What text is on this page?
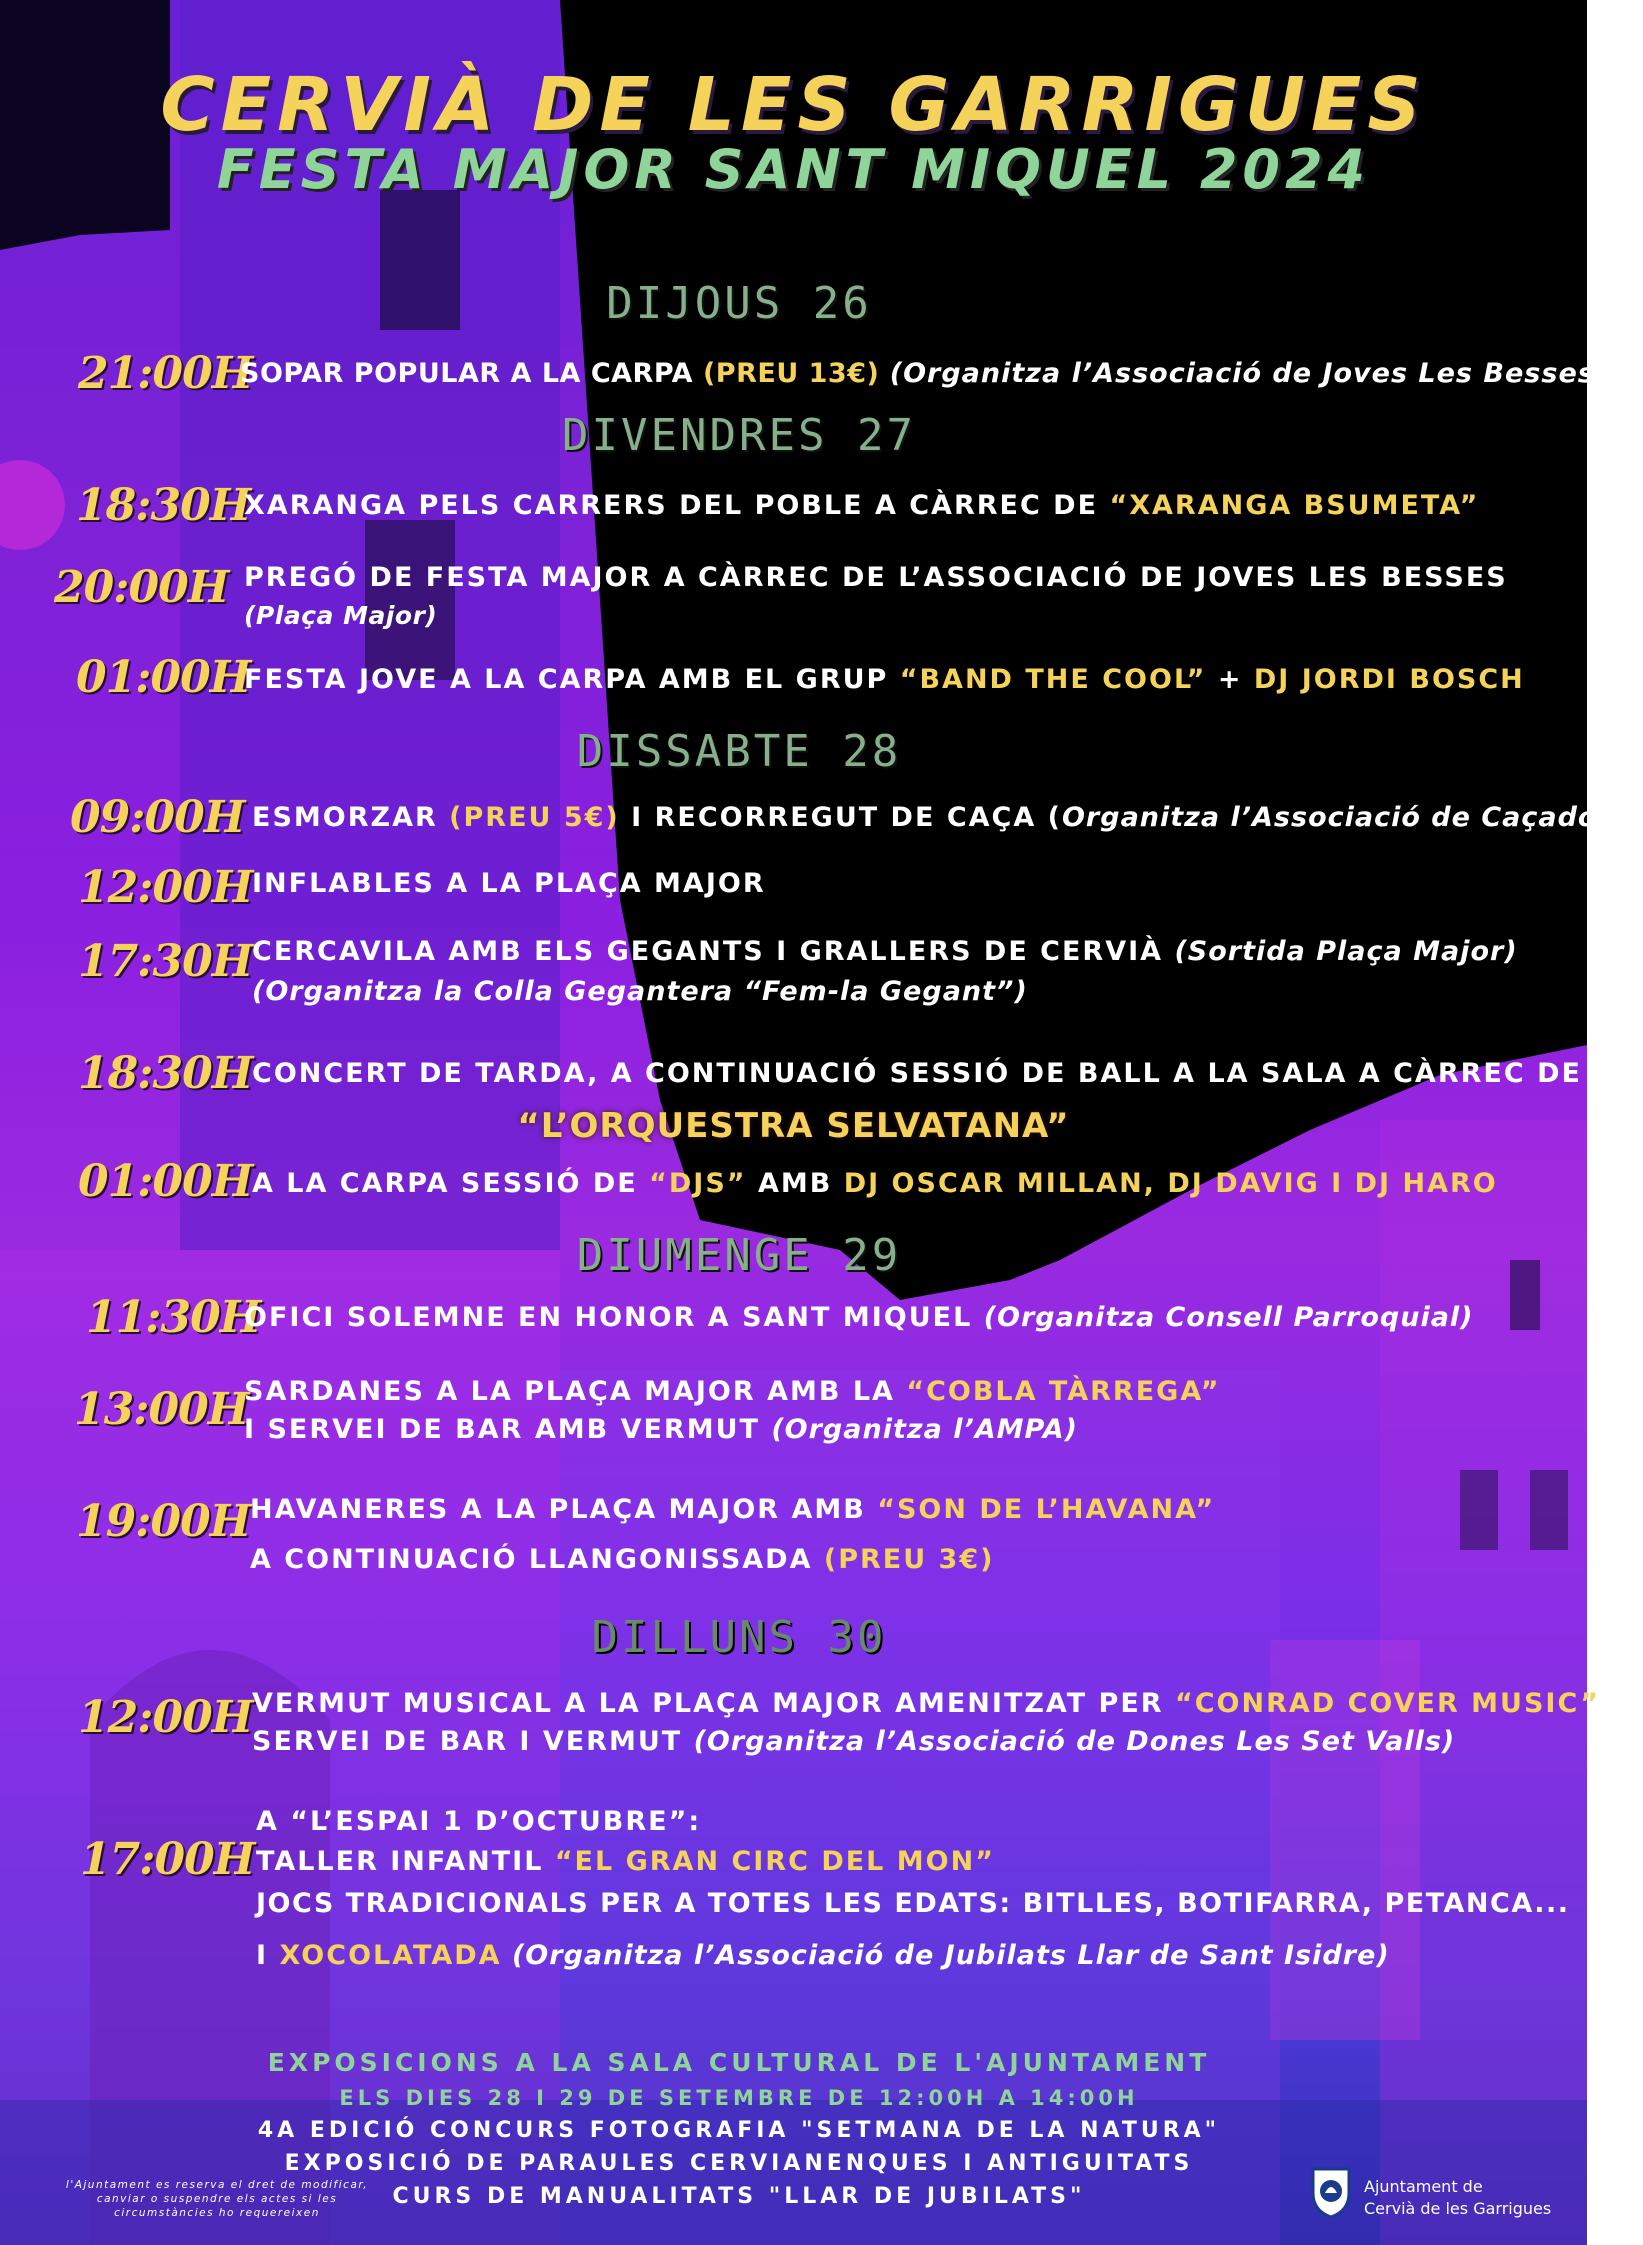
CERVIÀ DE LES GARRIGUES
FESTA MAJOR SANT MIQUEL 2024
DIJOUS 26
21:00H
SOPAR POPULAR A LA CARPA (PREU 13€) (Organitza l’Associació de Joves Les Besses)
DIVENDRES 27
18:30H
XARANGA PELS CARRERS DEL POBLE A CÀRREC DE “XARANGA BSUMETA”
20:00H PREGÓ DE FESTA MAJOR A CÀRREC DE L’ASSOCIACIÓ DE JOVES LES BESSES
(Plaça Major)
01:00H
FESTA JOVE A LA CARPA AMB EL GRUP “BAND THE COOL” + DJ JORDI BOSCH
DISSABTE 28
09:00H ESMORZAR (PREU 5€) I RECORREGUT DE CAÇA (Organitza l’Associació de Caçadors)
12:00H INFLABLES A LA PLAÇA MAJOR
17:30H CERCAVILA AMB ELS GEGANTS I GRALLERS DE CERVIÀ (Sortida Plaça Major)
(Organitza la Colla Gegantera “Fem-la Gegant”)
18:30H CONCERT DE TARDA, A CONTINUACIÓ SESSIÓ DE BALL A LA SALA A CÀRREC DE
“L’ORQUESTRA SELVATANA”
01:00H A LA CARPA SESSIÓ DE “DJS” AMB DJ OSCAR MILLAN, DJ DAVIG I DJ HARO
DIUMENGE 29
11:30H
OFICI SOLEMNE EN HONOR A SANT MIQUEL (Organitza Consell Parroquial)
13:00H
SARDANES A LA PLAÇA MAJOR AMB LA “COBLA TÀRREGA”
I SERVEI DE BAR AMB VERMUT (Organitza l’AMPA)
19:00H HAVANERES A LA PLAÇA MAJOR AMB “SON DE L’HAVANA”
A CONTINUACIÓ LLANGONISSADA (PREU 3€)
DILLUNS 30
12:00H VERMUT MUSICAL A LA PLAÇA MAJOR AMENITZAT PER “CONRAD COVER MUSIC”
SERVEI DE BAR I VERMUT (Organitza l’Associació de Dones Les Set Valls)
17:00H
A “L’ESPAI 1 D’OCTUBRE”:
TALLER INFANTIL “EL GRAN CIRC DEL MON”
JOCS TRADICIONALS PER A TOTES LES EDATS: BITLLES, BOTIFARRA, PETANCA...
I XOCOLATADA (Organitza l’Associació de Jubilats Llar de Sant Isidre)
EXPOSICIONS A LA SALA CULTURAL DE L'AJUNTAMENT
ELS DIES 28 I 29 DE SETEMBRE DE 12:00H A 14:00H
4A EDICIÓ CONCURS FOTOGRAFIA "SETMANA DE LA NATURA"
EXPOSICIÓ DE PARAULES CERVIANENQUES I ANTIGUITATS
CURS DE MANUALITATS "LLAR DE JUBILATS"
l'Ajuntament es reserva el dret de modificar, canviar o suspendre els actes si les circumstàncies ho requereixen
Ajuntament de
Cervià de les Garrigues
